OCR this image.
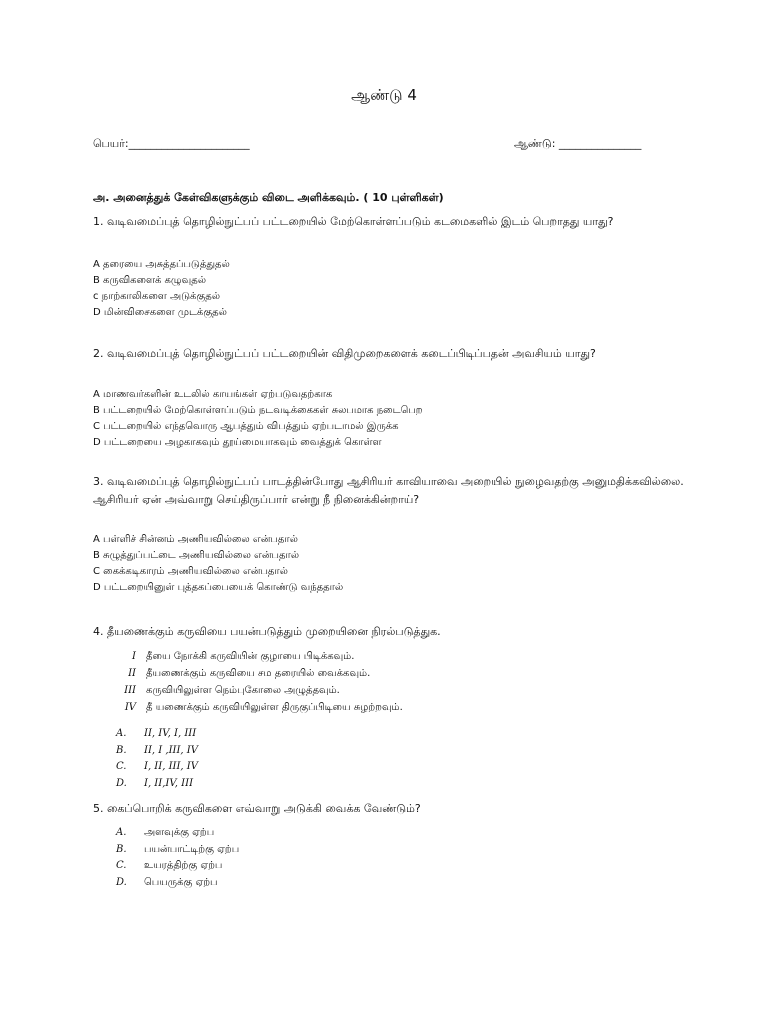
ஆண்டு 4
பெயர்:______________________	ஆண்டு: _______________
அ. அனைத்துக் கேள்விகளுக்கும் விடை அளிக்கவும். ( 10 புள்ளிகள்)
1. வடிவமைப்புத் தொழில்நுட்பப் பட்டறையில் மேற்கொள்ளப்படும் கடமைகளில் இடம் பெறாதது யாது?
A தரையை அசுத்தப்படுத்துதல்
B கருவிகளைக் கழுவுதல்
c நாற்காலிகளை அடுக்குதல்
D மின்விசைகளை முடக்குதல்
2. வடிவமைப்புத் தொழில்நுட்பப் பட்டறையின் விதிமுறைகளைக் கடைப்பிடிப்பதன் அவசியம் யாது?
A மாணவர்களின் உடலில் காயங்கள் ஏற்படுவதற்காக
B பட்டறையில் மேற்கொள்ளப்படும் நடவடிக்கைகள் சுலபமாக நடைபெற
C பட்டறையில் எந்தவொரு ஆபத்தும் விபத்தும் ஏற்படாமல் இருக்க
D பட்டறையை அழகாகவும் தூய்மையாகவும் வைத்துக் கொள்ள
3. வடிவமைப்புத் தொழில்நுட்பப் பாடத்தின்போது ஆசிரியர் காவியாவை அறையில் நுழைவதற்கு அனுமதிக்கவில்லை. ஆசிரியர் ஏன் அவ்வாறு செய்திருப்பார் என்று நீ நினைக்கின்றாய்?
A பள்ளிச் சின்னம் அணியவில்லை என்பதால்
B சுழுத்துப்பட்டை அணியவில்லை என்பதால்
C கைக்கடிகாரம் அணியவில்லை என்பதால்
D பட்டறையினுள் புத்தகப்பையைக் கொண்டு வந்ததால்
4. தீயணைக்கும் கருவியை பயன்படுத்தும் முறையினை நிரல்படுத்துக.
I தீயை நோக்கி கருவியின் குழாயை பிடிக்கவும்.
II தீயணைக்கும் கருவியை சம தரையில் வைக்கவும்.
III கருவியிலுள்ள நெம்புகோலை அழுத்தவும்.
IV தீ யணைக்கும் கருவியிலுள்ள திருகுப்பிடியை சுழற்றவும்.
A. II, IV, I, III
B. II, I ,III, IV
C. I, II, III, IV
D. I, II,IV, III
5. கைப்பொறிக் கருவிகளை எவ்வாறு அடுக்கி வைக்க வேண்டும்?
A. அளவுக்கு ஏற்ப
B. பயன்பாட்டிற்கு ஏற்ப
C. உயரத்திற்கு ஏற்ப
D. பெயருக்கு ஏற்ப
